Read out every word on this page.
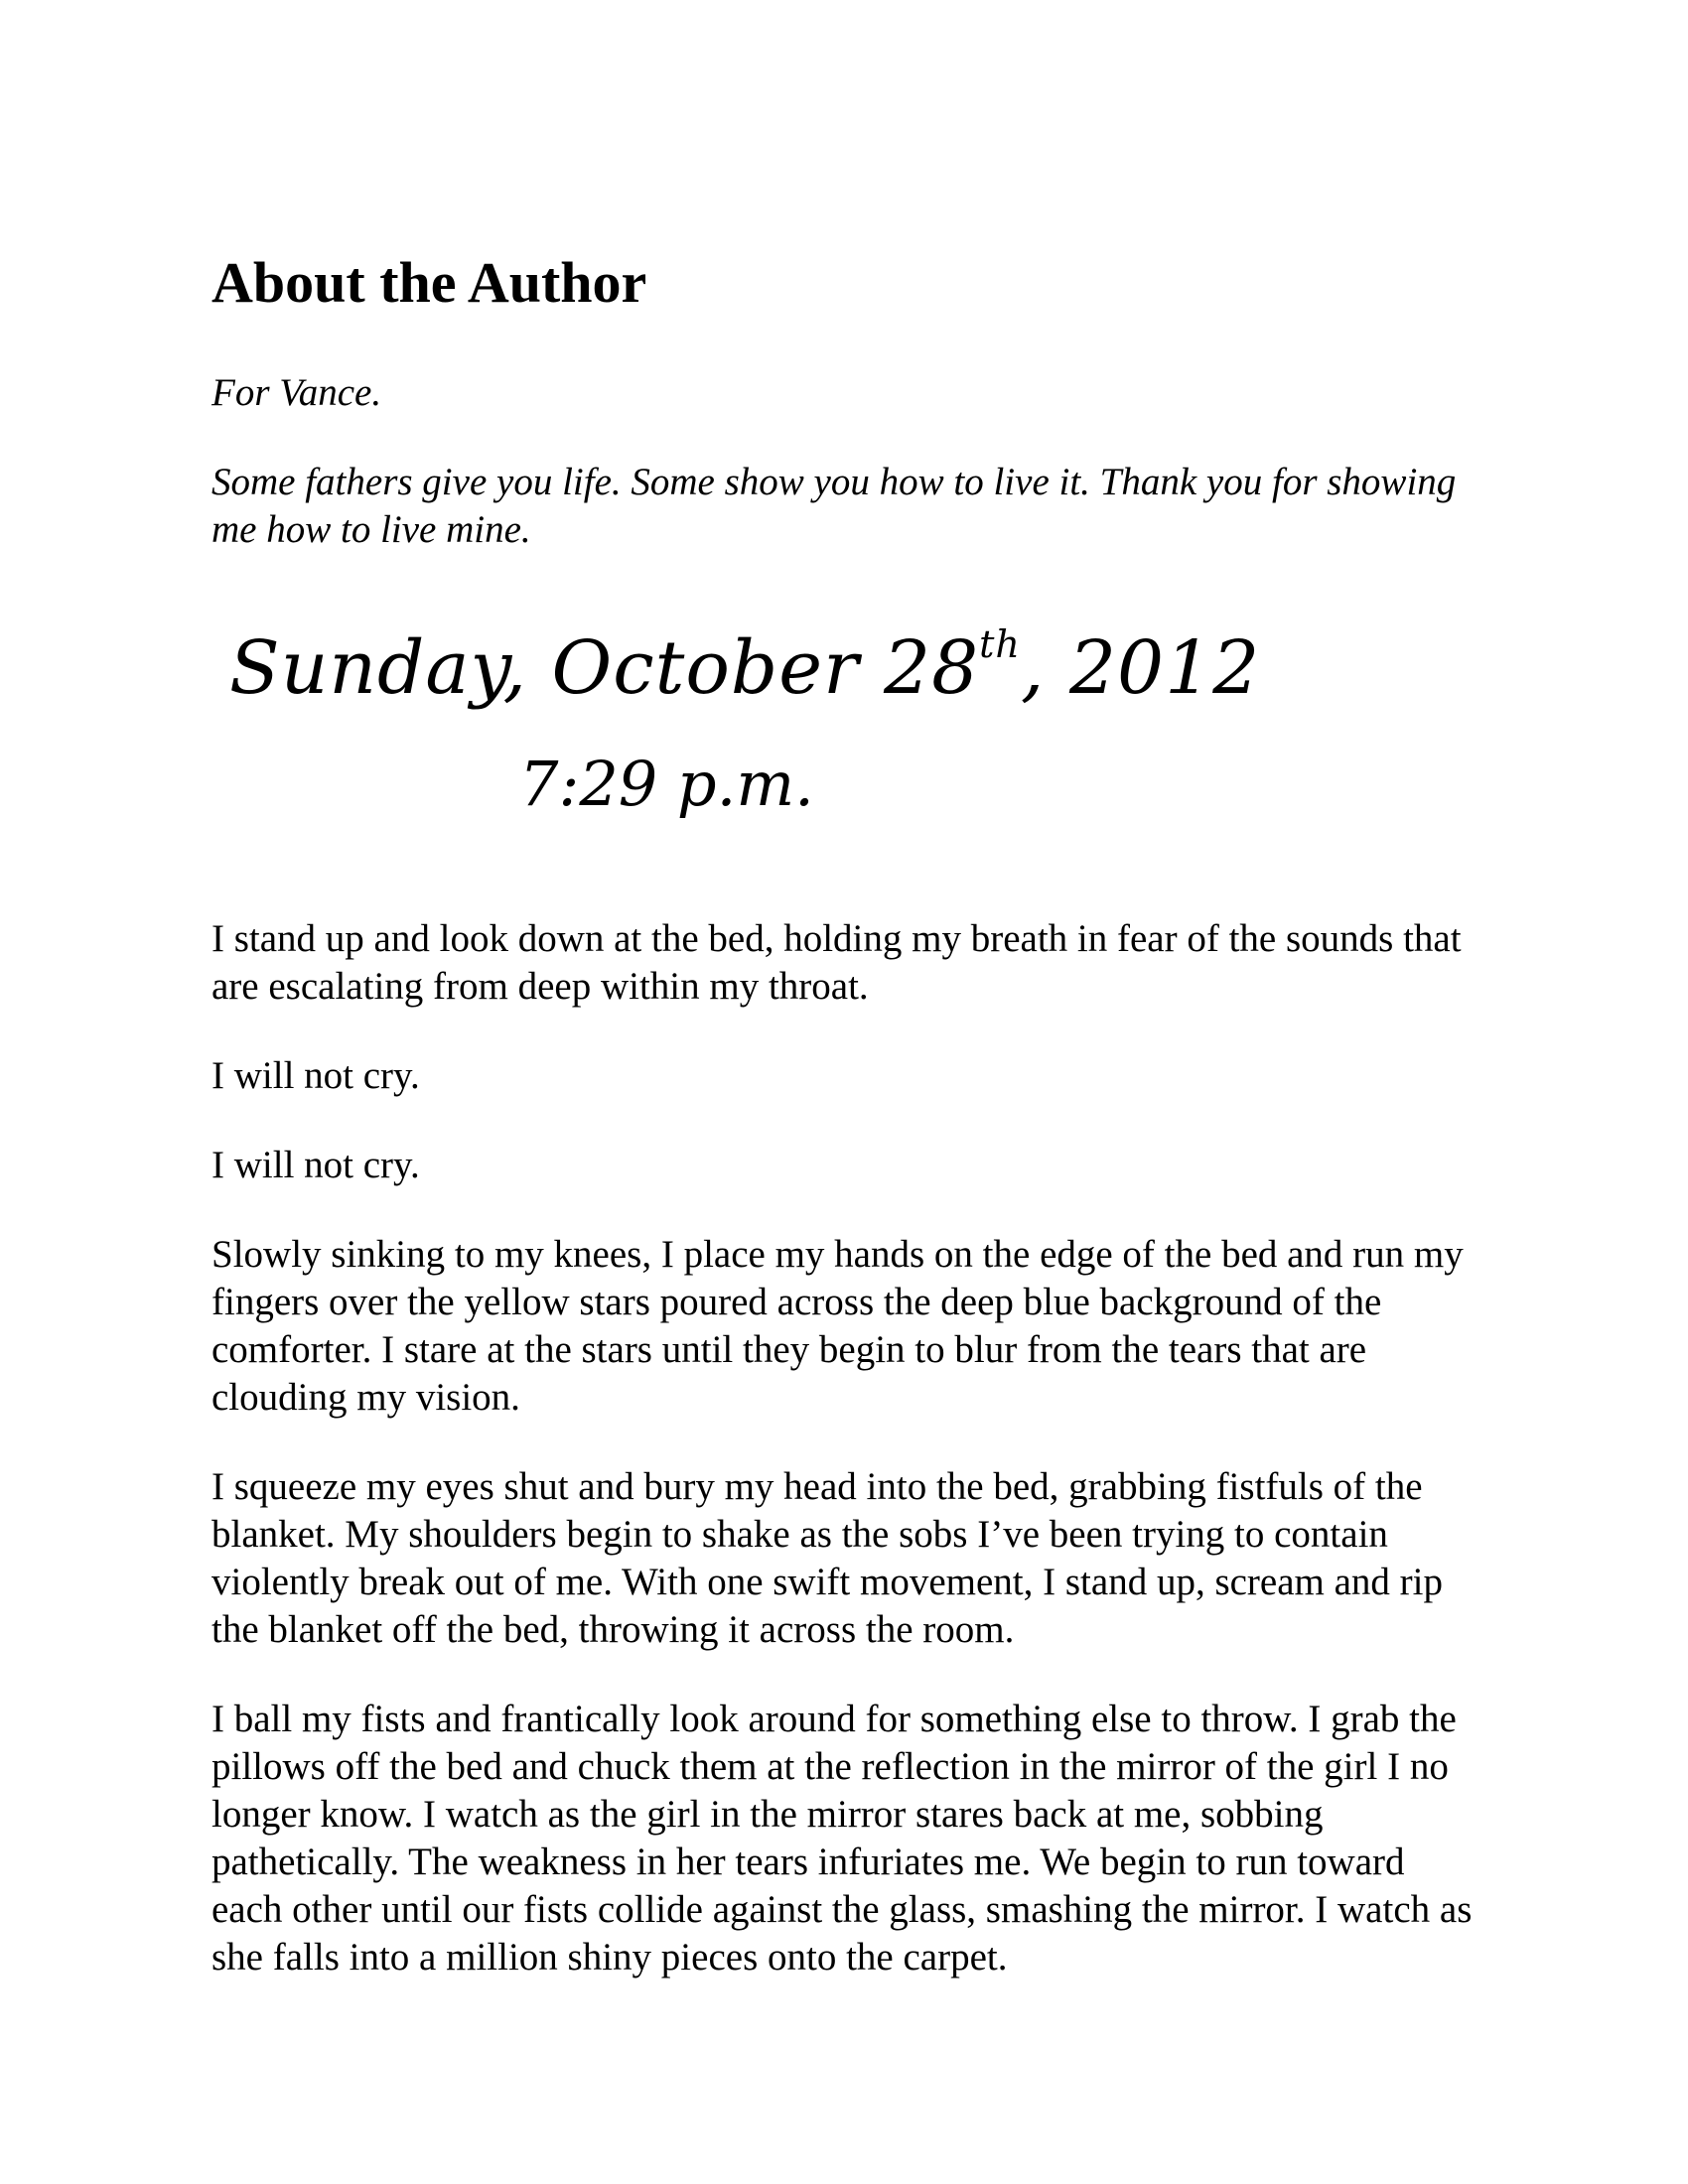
About the Author

For Vance.

Some fathers give you life. Some show you how to live it. Thank you for showing me how to live mine.

Sunday, October 28th, 2012
7:29 p.m.

I stand up and look down at the bed, holding my breath in fear of the sounds that are escalating from deep within my throat.

I will not cry.

I will not cry.

Slowly sinking to my knees, I place my hands on the edge of the bed and run my fingers over the yellow stars poured across the deep blue background of the comforter. I stare at the stars until they begin to blur from the tears that are clouding my vision.

I squeeze my eyes shut and bury my head into the bed, grabbing fistfuls of the blanket. My shoulders begin to shake as the sobs I’ve been trying to contain violently break out of me. With one swift movement, I stand up, scream and rip the blanket off the bed, throwing it across the room.

I ball my fists and frantically look around for something else to throw. I grab the pillows off the bed and chuck them at the reflection in the mirror of the girl I no longer know. I watch as the girl in the mirror stares back at me, sobbing pathetically. The weakness in her tears infuriates me. We begin to run toward each other until our fists collide against the glass, smashing the mirror. I watch as she falls into a million shiny pieces onto the carpet.
